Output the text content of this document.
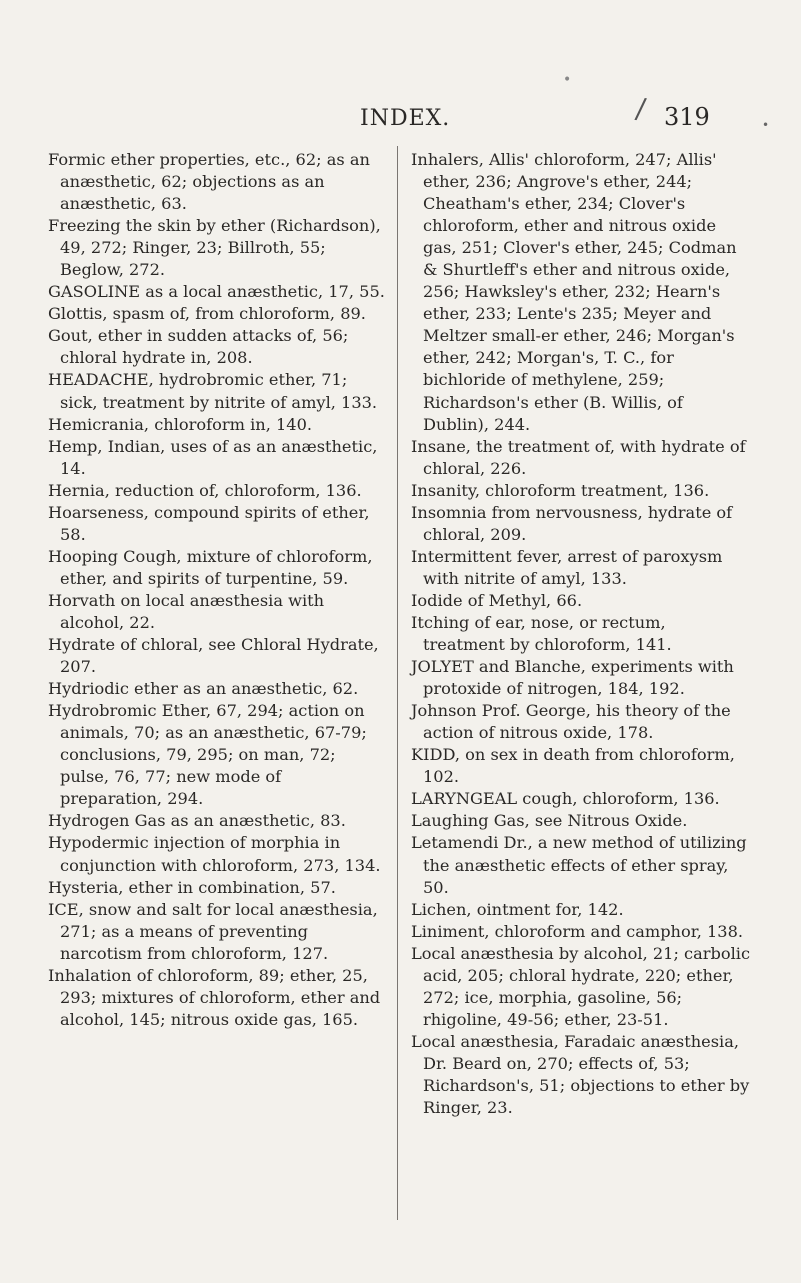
•
INDEX.	/ 319	•

Formic ether properties, etc., 62; as an anæsthetic, 62; objections as an anæsthetic, 63.

Freezing the skin by ether (Richardson), 49, 272; Ringer, 23; Billroth, 55; Beglow, 272.

GASOLINE as a local anæsthetic, 17, 55.

Glottis, spasm of, from chloroform, 89.

Gout, ether in sudden attacks of, 56; chloral hydrate in, 208.

HEADACHE, hydrobromic ether, 71; sick, treatment by nitrite of amyl, 133.

Hemicrania, chloroform in, 140.

Hemp, Indian, uses of as an anæsthetic, 14.

Hernia, reduction of, chloroform, 136.

Hoarseness, compound spirits of ether, 58.

Hooping Cough, mixture of chloroform, ether, and spirits of turpentine, 59.

Horvath on local anæsthesia with alcohol, 22.

Hydrate of chloral, see Chloral Hydrate, 207.

Hydriodic ether as an anæsthetic, 62.

Hydrobromic Ether, 67, 294; action on animals, 70; as an anæsthetic, 67-79; conclusions, 79, 295; on man, 72; pulse, 76, 77; new mode of preparation, 294.

Hydrogen Gas as an anæsthetic, 83.

Hypodermic injection of morphia in conjunction with chloroform, 273, 134.

Hysteria, ether in combination, 57.

ICE, snow and salt for local anæsthesia, 271; as a means of preventing narcotism from chloroform, 127.

Inhalation of chloroform, 89; ether, 25, 293; mixtures of chloroform, ether and alcohol, 145; nitrous oxide gas, 165.

Inhalers, Allis' chloroform, 247; Allis' ether, 236; Angrove's ether, 244; Cheatham's ether, 234; Clover's chloroform, ether and nitrous oxide gas, 251; Clover's ether, 245; Codman & Shurtleff's ether and nitrous oxide, 256; Hawksley's ether, 232; Hearn's ether, 233; Lente's 235; Meyer and Meltzer small-er ether, 246; Morgan's ether, 242; Morgan's, T. C., for bichloride of methylene, 259; Richardson's ether (B. Willis, of Dublin), 244.

Insane, the treatment of, with hydrate of chloral, 226.

Insanity, chloroform treatment, 136.

Insomnia from nervousness, hydrate of chloral, 209.

Intermittent fever, arrest of paroxysm with nitrite of amyl, 133.

Iodide of Methyl, 66.

Itching of ear, nose, or rectum, treatment by chloroform, 141.

JOLYET and Blanche, experiments with protoxide of nitrogen, 184, 192.

Johnson Prof. George, his theory of the action of nitrous oxide, 178.

KIDD, on sex in death from chloroform, 102.

LARYNGEAL cough, chloroform, 136.

Laughing Gas, see Nitrous Oxide.

Letamendi Dr., a new method of utilizing the anæsthetic effects of ether spray, 50.

Lichen, ointment for, 142.

Liniment, chloroform and camphor, 138.

Local anæsthesia by alcohol, 21; carbolic acid, 205; chloral hydrate, 220; ether, 272; ice, morphia, gasoline, 56; rhigoline, 49-56; ether, 23-51.

Local anæsthesia, Faradaic anæsthesia, Dr. Beard on, 270; effects of, 53; Richardson's, 51; objections to ether by Ringer, 23.
